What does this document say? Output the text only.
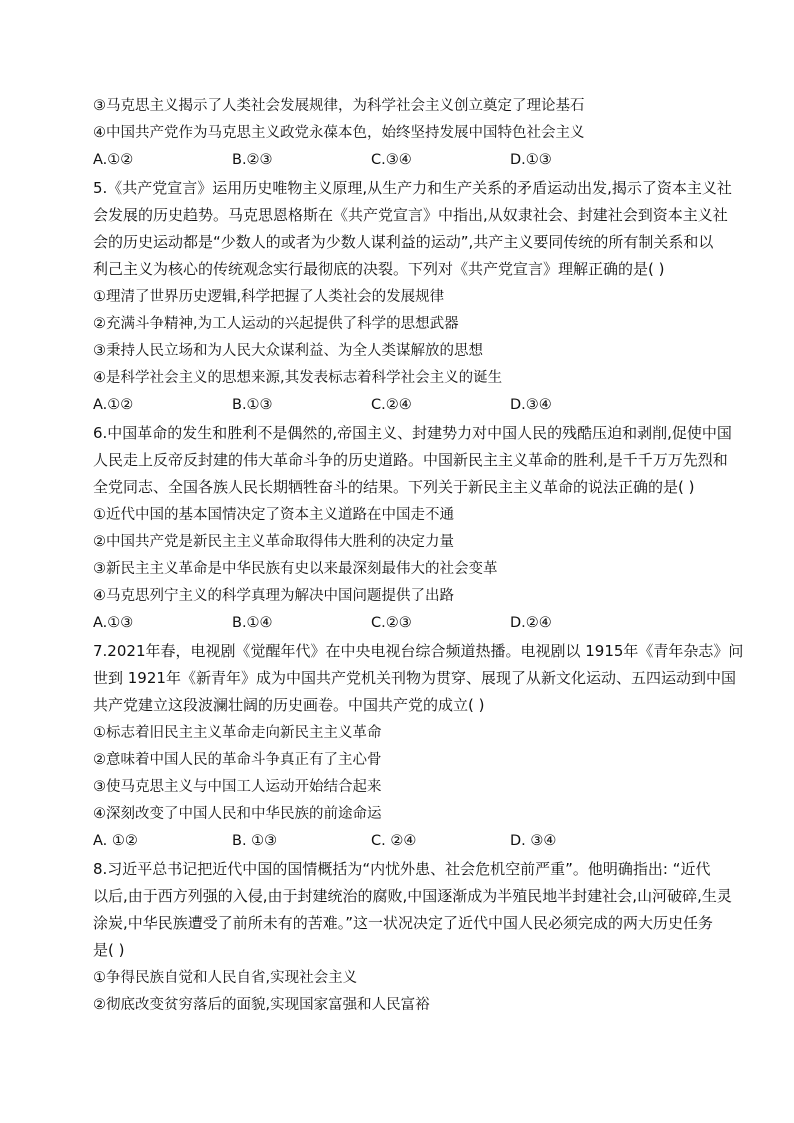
③马克思主义揭示了人类社会发展规律，为科学社会主义创立奠定了理论基石
④中国共产党作为马克思主义政党永葆本色，始终坚持发展中国特色社会主义
A.①②	B.②③	C.③④	D.①③
5.《共产党宣言》运用历史唯物主义原理,从生产力和生产关系的矛盾运动出发,揭示了资本主义社
会发展的历史趋势。马克思恩格斯在《共产党宣言》中指出,从奴隶社会、封建社会到资本主义社
会的历史运动都是“少数人的或者为少数人谋利益的运动”,共产主义要同传统的所有制关系和以
利己主义为核心的传统观念实行最彻底的决裂。下列对《共产党宣言》理解正确的是( )
①理清了世界历史逻辑,科学把握了人类社会的发展规律
②充满斗争精神,为工人运动的兴起提供了科学的思想武器
③秉持人民立场和为人民大众谋利益、为全人类谋解放的思想
④是科学社会主义的思想来源,其发表标志着科学社会主义的诞生
A.①②	B.①③	C.②④	D.③④
6.中国革命的发生和胜利不是偶然的,帝国主义、封建势力对中国人民的残酷压迫和剥削,促使中国
人民走上反帝反封建的伟大革命斗争的历史道路。中国新民主主义革命的胜利,是千千万万先烈和
全党同志、全国各族人民长期牺牲奋斗的结果。下列关于新民主主义革命的说法正确的是( )
①近代中国的基本国情决定了资本主义道路在中国走不通
②中国共产党是新民主主义革命取得伟大胜利的决定力量
③新民主主义革命是中华民族有史以来最深刻最伟大的社会变革
④马克思列宁主义的科学真理为解决中国问题提供了出路
A.①③	B.①④	C.②③	D.②④
7.2021年春，电视剧《觉醒年代》在中央电视台综合频道热播。电视剧以 1915年《青年杂志》问
世到 1921年《新青年》成为中国共产党机关刊物为贯穿、展现了从新文化运动、五四运动到中国
共产党建立这段波澜壮阔的历史画卷。中国共产党的成立( )
①标志着旧民主主义革命走向新民主主义革命
②意味着中国人民的革命斗争真正有了主心骨
③使马克思主义与中国工人运动开始结合起来
④深刻改变了中国人民和中华民族的前途命运
A. ①②	B. ①③	C. ②④	D. ③④
8.习近平总书记把近代中国的国情概括为“内忧外患、社会危机空前严重”。他明确指出: “近代
以后,由于西方列强的入侵,由于封建统治的腐败,中国逐渐成为半殖民地半封建社会,山河破碎,生灵
涂炭,中华民族遭受了前所未有的苦难。”这一状况决定了近代中国人民必须完成的两大历史任务
是( )
①争得民族自觉和人民自省,实现社会主义
②彻底改变贫穷落后的面貌,实现国家富强和人民富裕
